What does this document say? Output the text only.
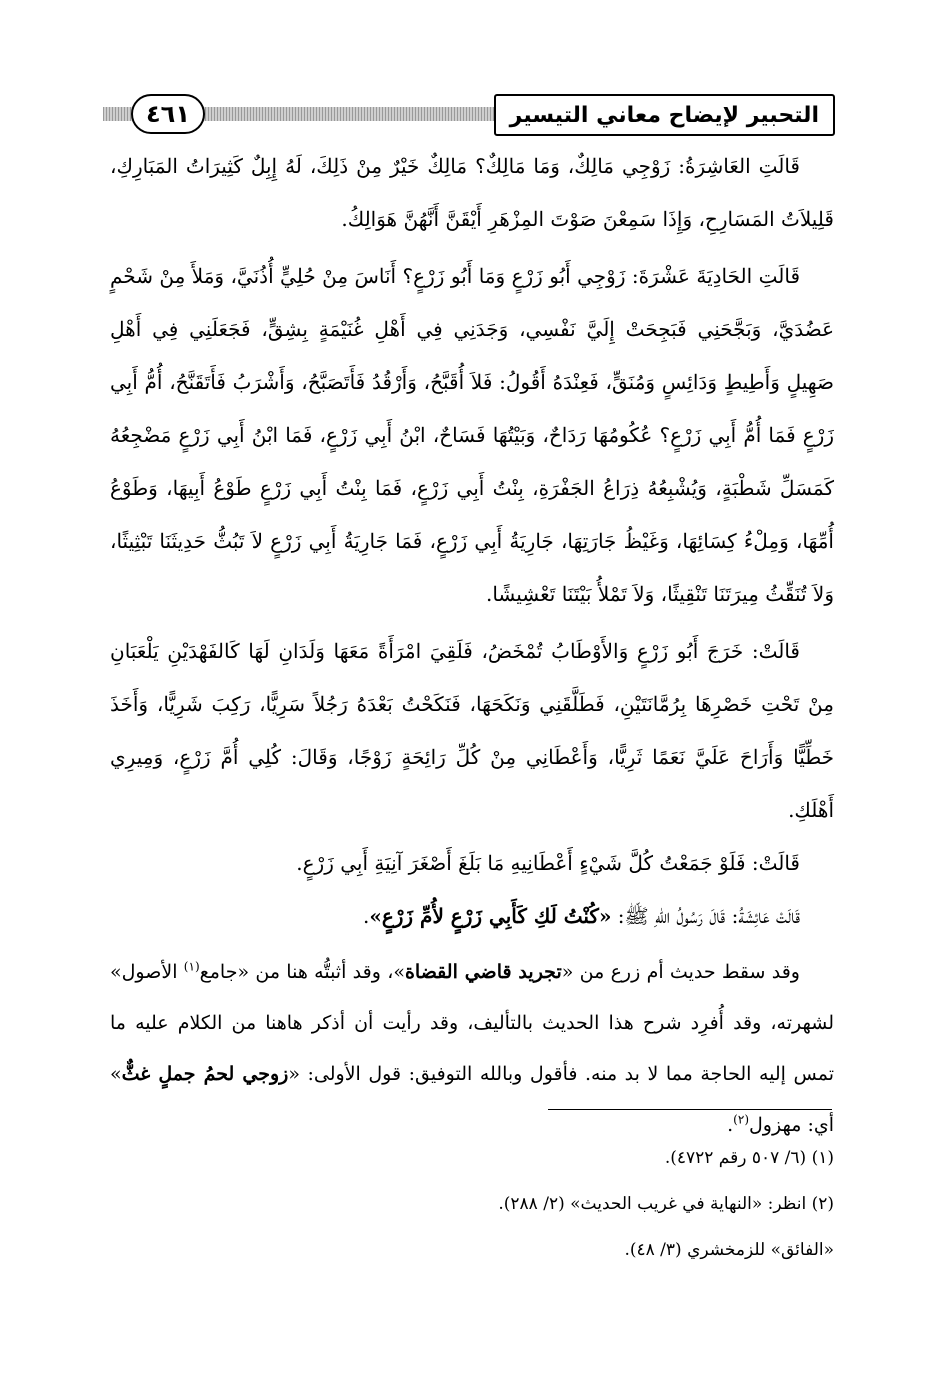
٤٦١	التحبير لإيضاح معاني التيسير

قَالَتِ العَاشِرَةُ: زَوْجِي مَالِكٌ، وَمَا مَالِكٌ؟ مَالِكٌ خَيْرٌ مِنْ ذَلِكَ، لَهُ إِبِلٌ كَثِيرَاتُ المَبَارِكِ، قَلِيلاَتُ المَسَارِحِ، وَإِذَا سَمِعْنَ صَوْتَ المِزْهَرِ أَيْقَنَّ أَنَّهُنَّ هَوَالِكُ.

قَالَتِ الحَادِيَةَ عَشْرَةَ: زَوْجِي أَبُو زَرْعٍ وَمَا أَبُو زَرْعٍ؟ أَنَاسَ مِنْ حُلِيٍّ أُذُنَيَّ، وَمَلأَ مِنْ شَحْمٍ عَضُدَيَّ، وَبَجَّحَنِي فَبَجِحَتْ إِلَيَّ نَفْسِي، وَجَدَنِي فِي أَهْلِ غُنَيْمَةٍ بِشِقٍّ، فَجَعَلَنِي فِي أَهْلِ صَهِيلٍ وَأَطِيطٍ وَدَائِسٍ وَمُنَقٍّ، فَعِنْدَهُ أَقُولُ: فَلاَ أُقَبَّحُ، وَأَرْقُدُ فَأَتَصَبَّحُ، وَأَشْرَبُ فَأَتَقَنَّحُ، أُمُّ أَبِي زَرْعٍ فَمَا أُمُّ أَبِي زَرْعٍ؟ عُكُومُهَا رَدَاحٌ، وَبَيْتُهَا فَسَاحٌ، ابْنُ أَبِي زَرْعٍ، فَمَا ابْنُ أَبِي زَرْعٍ مَضْجِعُهُ كَمَسَلِّ شَطْبَةٍ، وَيُشْبِعُهُ ذِرَاعُ الجَفْرَةِ، بِنْتُ أَبِي زَرْعٍ، فَمَا بِنْتُ أَبِي زَرْعٍ طَوْعُ أَبِيهَا، وَطَوْعُ أُمِّهَا، وَمِلْءُ كِسَائِهَا، وَغَيْظُ جَارَتِهَا، جَارِيَةُ أَبِي زَرْعٍ، فَمَا جَارِيَةُ أَبِي زَرْعٍ لاَ تَبُثُّ حَدِيثَنَا تَبْثِيثًا، وَلاَ تُنَقِّثُ مِيرَتَنَا تَنْقِيثًا، وَلاَ تَمْلأُ بَيْتَنَا تَعْشِيشًا.

قَالَتْ: خَرَجَ أَبُو زَرْعٍ وَالأَوْطَابُ تُمْخَضُ، فَلَقِيَ امْرَأَةً مَعَهَا وَلَدَانِ لَهَا كَالفَهْدَيْنِ يَلْعَبَانِ مِنْ تَحْتِ خَصْرِهَا بِرُمَّانَتَيْنِ، فَطَلَّقَنِي وَنَكَحَهَا، فَنَكَحْتُ بَعْدَهُ رَجُلاً سَرِيًّا، رَكِبَ شَرِيًّا، وَأَخَذَ خَطِّيًّا وَأَرَاحَ عَلَيَّ نَعَمًا ثَرِيًّا، وَأَعْطَانِي مِنْ كُلِّ رَائِحَةٍ زَوْجًا، وَقَالَ: كُلِي أُمَّ زَرْعٍ، وَمِيرِي أَهْلَكِ.

قَالَتْ: فَلَوْ جَمَعْتُ كُلَّ شَيْءٍ أَعْطَانِيهِ مَا بَلَغَ أَصْغَرَ آنِيَةِ أَبِي زَرْعٍ.

قَالَتْ عَائِشَةُ: قَالَ رَسُولُ اللهِ ﷺ: «كُنْتُ لَكِ كَأَبِي زَرْعٍ لأُمِّ زَرْعٍ».

وقد سقط حديث أم زرع من «تجريد قاضي القضاة»، وقد أثبتُّه هنا من «جامع$^{(١)}$ الأصول» لشهرته، وقد أُفرِد شرح هذا الحديث بالتأليف، وقد رأيت أن أذكر هاهنا من الكلام عليه ما تمس إليه الحاجة مما لا بد منه. فأقول وبالله التوفيق: قول الأولى: «زوجي لحمُ جملٍ غثٌّ» أي: مهزول$^{(٢)}$.

(١) (٦/ ٥٠٧ رقم ٤٧٢٢).

(٢) انظر: «النهاية في غريب الحديث» (٢/ ٢٨٨).

«الفائق» للزمخشري (٣/ ٤٨).
